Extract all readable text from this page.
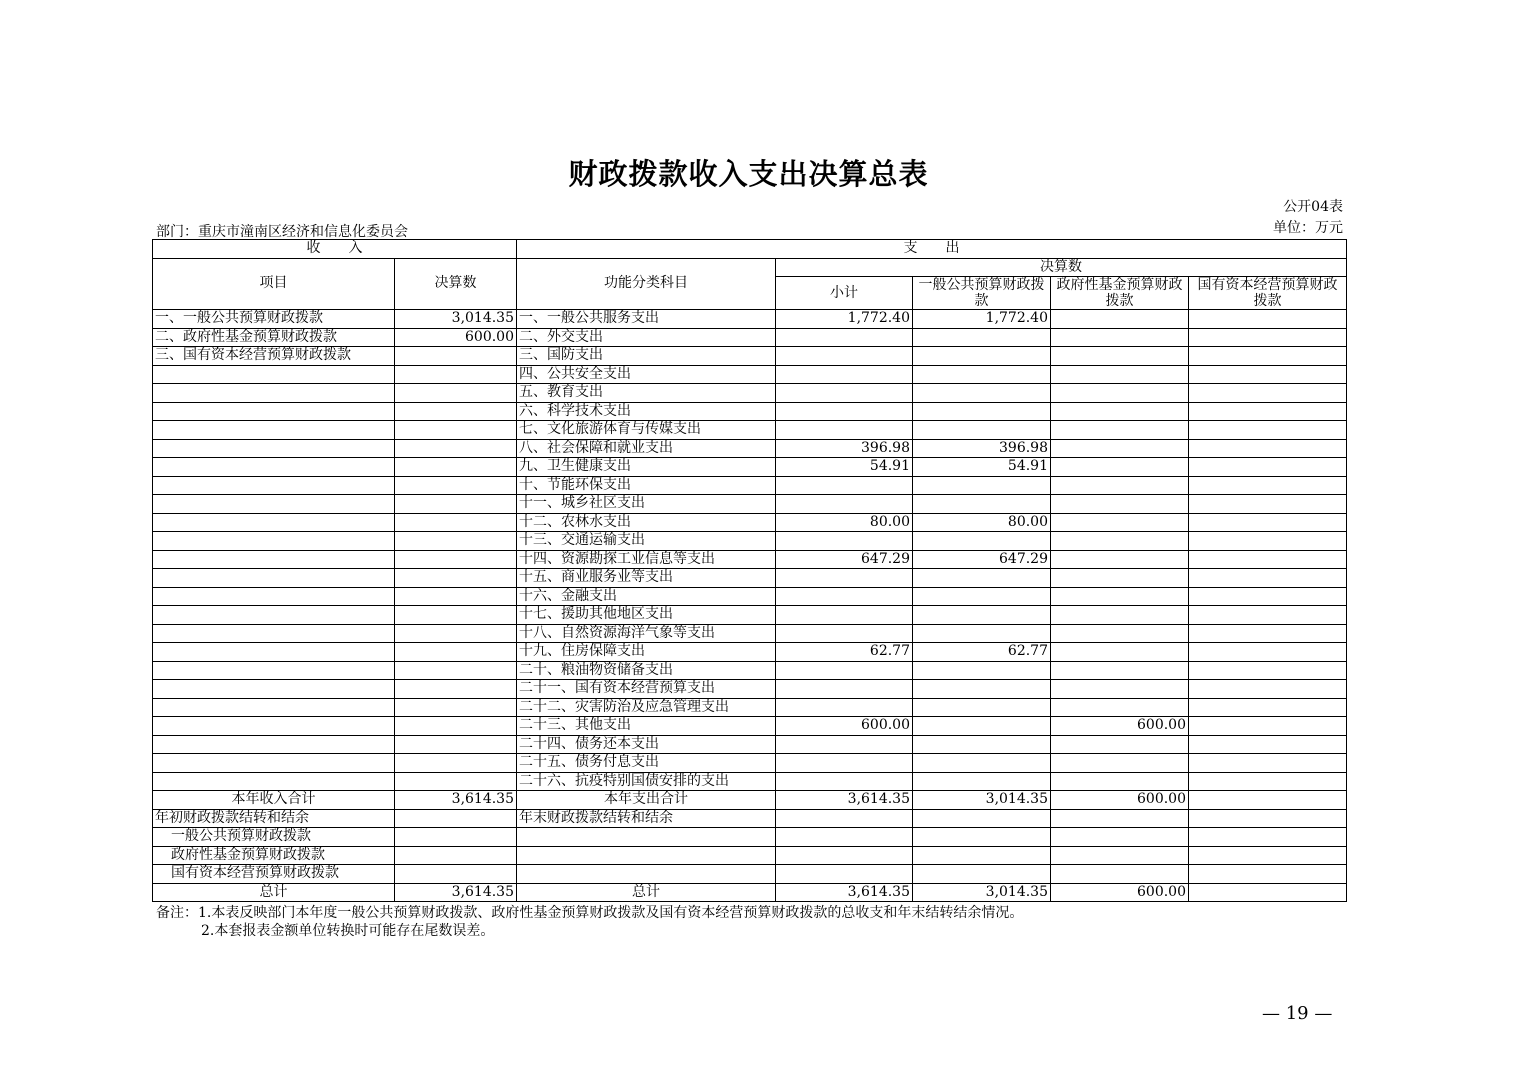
财政拨款收入支出决算总表
公开04表
单位：万元
部门：重庆市潼南区经济和信息化委员会
收　　入		支　　出				
项目	决算数	功能分类科目	决算数			
			小计	一般公共预算财政拨款	政府性基金预算财政拨款	国有资本经营预算财政拨款
一、一般公共预算财政拨款	3,014.35	一、一般公共服务支出	1,772.40	1,772.40		
二、政府性基金预算财政拨款	600.00	二、外交支出				
三、国有资本经营预算财政拨款		三、国防支出				
		四、公共安全支出				
		五、教育支出				
		六、科学技术支出				
		七、文化旅游体育与传媒支出				
		八、社会保障和就业支出	396.98	396.98		
		九、卫生健康支出	54.91	54.91		
		十、节能环保支出				
		十一、城乡社区支出				
		十二、农林水支出	80.00	80.00		
		十三、交通运输支出				
		十四、资源勘探工业信息等支出	647.29	647.29		
		十五、商业服务业等支出				
		十六、金融支出				
		十七、援助其他地区支出				
		十八、自然资源海洋气象等支出				
		十九、住房保障支出	62.77	62.77		
		二十、粮油物资储备支出				
		二十一、国有资本经营预算支出				
		二十二、灾害防治及应急管理支出				
		二十三、其他支出	600.00		600.00	
		二十四、债务还本支出				
		二十五、债务付息支出				
		二十六、抗疫特别国债安排的支出				
本年收入合计	3,614.35	本年支出合计	3,614.35	3,014.35	600.00	
年初财政拨款结转和结余		年末财政拨款结转和结余				
一般公共预算财政拨款						
政府性基金预算财政拨款						
国有资本经营预算财政拨款						
总计	3,614.35	总计	3,614.35	3,014.35	600.00	
备注：1.本表反映部门本年度一般公共预算财政拨款、政府性基金预算财政拨款及国有资本经营预算财政拨款的总收支和年末结转结余情况。
2.本套报表金额单位转换时可能存在尾数误差。
— 19 —
